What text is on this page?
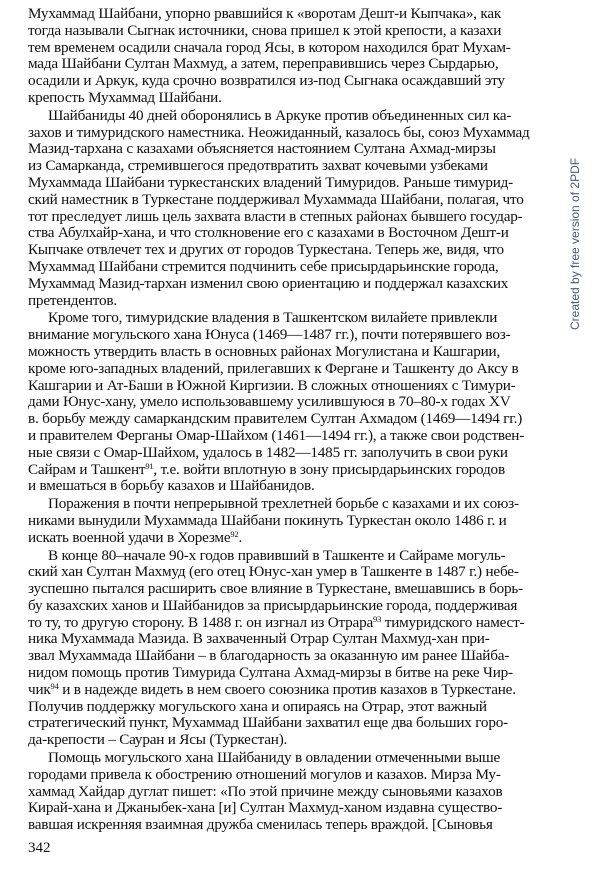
Мухаммад Шайбани, упорно рвавшийся к «воротам Дешт-и Кыпчака», как
тогда называли Сыгнак источники, снова пришел к этой крепости, а казахи
тем временем осадили сначала город Ясы, в котором находился брат Мухам-
мада Шайбани Султан Махмуд, а затем, переправившись через Сырдарью,
осадили и Аркук, куда срочно возвратился из-под Сыгнака осаждавший эту
крепость Мухаммад Шайбани.
Шайбаниды 40 дней оборонялись в Аркуке против объединенных сил ка-
захов и тимуридского наместника. Неожиданный, казалось бы, союз Мухаммад
Мазид-тархана с казахами объясняется настоянием Султана Ахмад-мирзы
из Самарканда, стремившегося предотвратить захват кочевыми узбеками
Мухаммада Шайбани туркестанских владений Тимуридов. Раньше тимурид-
ский наместник в Туркестане поддерживал Мухаммада Шайбани, полагая, что
тот преследует лишь цель захвата власти в степных районах бывшего государ-
ства Абулхайр-хана, и что столкновение его с казахами в Восточном Дешт-и
Кыпчаке отвлечет тех и других от городов Туркестана. Теперь же, видя, что
Мухаммад Шайбани стремится подчинить себе присырдарьинские города,
Мухаммад Мазид-тархан изменил свою ориентацию и поддержал казахских
претендентов.
Кроме того, тимуридские владения в Ташкентском вилайете привлекли
внимание могульского хана Юнуса (1469—1487 гг.), почти потерявшего воз-
можность утвердить власть в основных районах Могулистана и Кашгарии,
кроме юго-западных владений, прилегавших к Фергане и Ташкенту до Аксу в
Кашгарии и Ат-Баши в Южной Киргизии. В сложных отношениях с Тимури-
дами Юнус-хану, умело использовавшему усилившуюся в 70–80-х годах XV
в. борьбу между самаркандским правителем Султан Ахмадом (1469—1494 гг.)
и правителем Ферганы Омар-Шайхом (1461—1494 гг.), а также свои родствен-
ные связи с Омар-Шайхом, удалось в 1482—1485 гг. заполучить в свои руки
Сайрам и Ташкент$^{91}$, т.е. войти вплотную в зону присырдарьинских городов
и вмешаться в борьбу казахов и Шайбанидов.
Поражения в почти непрерывной трехлетней борьбе с казахами и их союз-
никами вынудили Мухаммада Шайбани покинуть Туркестан около 1486 г. и
искать военной удачи в Хорезме$^{92}$.
В конце 80–начале 90-х годов правивший в Ташкенте и Сайраме могуль-
ский хан Султан Махмуд (его отец Юнус-хан умер в Ташкенте в 1487 г.) небе-
зуспешно пытался расширить свое влияние в Туркестане, вмешавшись в борь-
бу казахских ханов и Шайбанидов за присырдарьинские города, поддерживая
то ту, то другую сторону. В 1488 г. он изгнал из Отрара$^{93}$ тимуридского намест-
ника Мухаммада Мазида. В захваченный Отрар Султан Махмуд-хан при-
звал Мухаммада Шайбани – в благодарность за оказанную им ранее Шайба-
нидом помощь против Тимурида Султана Ахмад-мирзы в битве на реке Чир-
чик$^{94}$ и в надежде видеть в нем своего союзника против казахов в Туркестане.
Получив поддержку могульского хана и опираясь на Отрар, этот важный
стратегический пункт, Мухаммад Шайбани захватил еще два больших горо-
да-крепости – Сауран и Ясы (Туркестан).
Помощь могульского хана Шайбаниду в овладении отмеченными выше
городами привела к обострению отношений могулов и казахов. Мирза Му-
хаммад Хайдар дуглат пишет: «По этой причине между сыновьями казахов
Кирай-хана и Джаныбек-хана [и] Султан Махмуд-ханом издавна существо-
вавшая искренняя взаимная дружба сменилась теперь враждой. [Сыновья
342
Created by free version of 2PDF
